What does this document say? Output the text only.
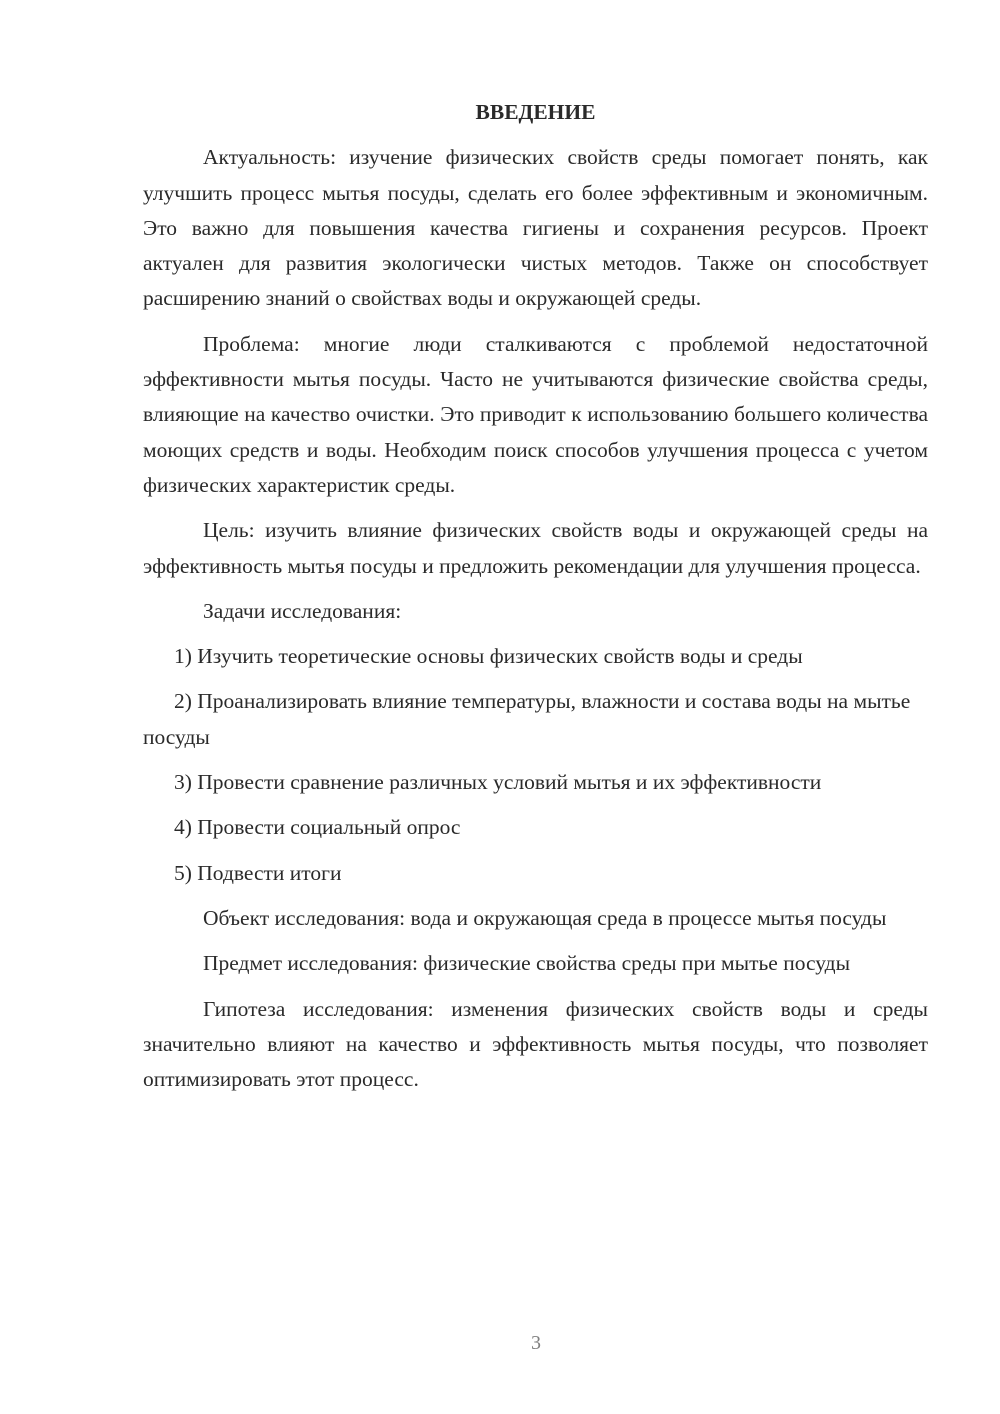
ВВЕДЕНИЕ

Актуальность: изучение физических свойств среды помогает понять, как улучшить процесс мытья посуды, сделать его более эффективным и экономичным. Это важно для повышения качества гигиены и сохранения ресурсов. Проект актуален для развития экологически чистых методов. Также он способствует расширению знаний о свойствах воды и окружающей среды.

Проблема: многие люди сталкиваются с проблемой недостаточной эффективности мытья посуды. Часто не учитываются физические свойства среды, влияющие на качество очистки. Это приводит к использованию большего количества моющих средств и воды. Необходим поиск способов улучшения процесса с учетом физических характеристик среды.

Цель: изучить влияние физических свойств воды и окружающей среды на эффективность мытья посуды и предложить рекомендации для улучшения процесса.

Задачи исследования:

1) Изучить теоретические основы физических свойств воды и среды

2) Проанализировать влияние температуры, влажности и состава воды на мытье посуды

3) Провести сравнение различных условий мытья и их эффективности

4) Провести социальный опрос

5) Подвести итоги

Объект исследования: вода и окружающая среда в процессе мытья посуды

Предмет исследования: физические свойства среды при мытье посуды

Гипотеза исследования: изменения физических свойств воды и среды значительно влияют на качество и эффективность мытья посуды, что позволяет оптимизировать этот процесс.

3
